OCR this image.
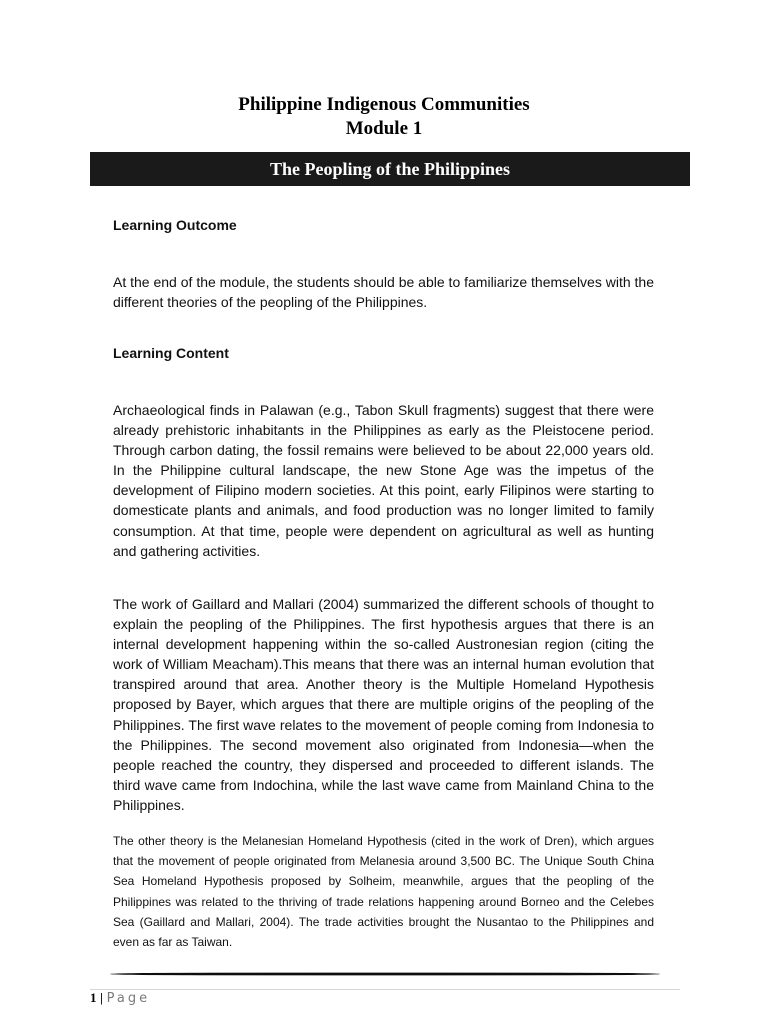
Philippine Indigenous Communities
Module 1
The Peopling of the Philippines
Learning Outcome

At the end of the module, the students should be able to familiarize themselves with the different theories of the peopling of the Philippines.

Learning Content

Archaeological finds in Palawan (e.g., Tabon Skull fragments) suggest that there were already prehistoric inhabitants in the Philippines as early as the Pleistocene period. Through carbon dating, the fossil remains were believed to be about 22,000 years old. In the Philippine cultural landscape, the new Stone Age was the impetus of the development of Filipino modern societies. At this point, early Filipinos were starting to domesticate plants and animals, and food production was no longer limited to family consumption. At that time, people were dependent on agricultural as well as hunting and gathering activities.

The work of Gaillard and Mallari (2004) summarized the different schools of thought to explain the peopling of the Philippines. The first hypothesis argues that there is an internal development happening within the so-called Austronesian region (citing the work of William Meacham).This means that there was an internal human evolution that transpired around that area. Another theory is the Multiple Homeland Hypothesis proposed by Bayer, which argues that there are multiple origins of the peopling of the Philippines. The first wave relates to the movement of people coming from Indonesia to the Philippines. The second movement also originated from Indonesia—when the people reached the country, they dispersed and proceeded to different islands. The third wave came from Indochina, while the last wave came from Mainland China to the Philippines.

The other theory is the Melanesian Homeland Hypothesis (cited in the work of Dren), which argues that the movement of people originated from Melanesia around 3,500 BC. The Unique South China Sea Homeland Hypothesis proposed by Solheim, meanwhile, argues that the peopling of the Philippines was related to the thriving of trade relations happening around Borneo and the Celebes Sea (Gaillard and Mallari, 2004). The trade activities brought the Nusantao to the Philippines and even as far as Taiwan.

1 | Page
